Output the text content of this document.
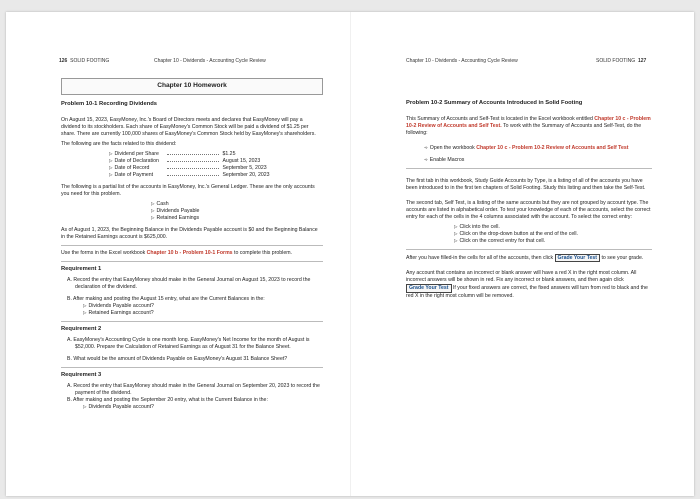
126 SOLID FOOTING	Chapter 10 - Dividends - Accounting Cycle Review
Chapter 10 Homework
Problem 10-1 Recording Dividends

On August 15, 2023, EasyMoney, Inc.'s Board of Directors meets and declares that EasyMoney will pay a dividend to its stockholders. Each share of EasyMoney's Common Stock will be paid a dividend of $1.25 per share. There are currently 100,000 shares of EasyMoney's Common Stock held by EasyMoney's shareholders.

The following are the facts related to this dividend:

▷ Dividend per Share	$1.25
▷ Date of Declaration	August 15, 2023
▷ Date of Record	September 5, 2023
▷ Date of Payment	September 20, 2023

The following is a partial list of the accounts in EasyMoney, Inc.'s General Ledger. These are the only accounts you need for this problem.

▷ Cash
▷ Dividends Payable
▷ Retained Earnings

As of August 1, 2023, the Beginning Balance in the Dividends Payable account is $0 and the Beginning Balance in the Retained Earnings account is $625,000.

Use the forms in the Excel workbook Chapter 10 b - Problem 10-1 Forms to complete this problem.

Requirement 1
A. Record the entry that EasyMoney should make in the General Journal on August 15, 2023 to record the declaration of the dividend.
B. After making and posting the August 15 entry, what are the Current Balances in the:
▷ Dividends Payable account?
▷ Retained Earnings account?
Requirement 2
A. EasyMoney's Accounting Cycle is one month long. EasyMoney's Net Income for the month of August is $52,000. Prepare the Calculation of Retained Earnings as of August 31 for the Balance Sheet.
B. What would be the amount of Dividends Payable on EasyMoney's August 31 Balance Sheet?
Requirement 3
A. Record the entry that EasyMoney should make in the General Journal on September 20, 2023 to record the payment of the dividend.
B. After making and posting the September 20 entry, what is the Current Balance in the:
▷ Dividends Payable account?
Chapter 10 - Dividends - Accounting Cycle Review	SOLID FOOTING 127
Problem 10-2 Summary of Accounts Introduced in Solid Footing

This Summary of Accounts and Self-Test is located in the Excel workbook entitled Chapter 10 c - Problem 10-2 Review of Accounts and Self Test. To work with the Summary of Accounts and Self-Test, do the following:

➾ Open the workbook Chapter 10 c - Problem 10-2 Review of Accounts and Self Test
➾ Enable Macros

The first tab in this workbook, Study Guide Accounts by Type, is a listing of all of the accounts you have been introduced to in the first ten chapters of Solid Footing. Study this listing and then take the Self-Test.

The second tab, Self Test, is a listing of the same accounts but they are not grouped by account type. The accounts are listed in alphabetical order. To test your knowledge of each of the accounts, select the correct entry for each of the cells in the 4 columns associated with the account. To select the correct entry:

▷ Click into the cell.
▷ Click on the drop-down button at the end of the cell.
▷ Click on the correct entry for that cell.

After you have filled-in the cells for all of the accounts, then click Grade Your Test to see your grade.

Any account that contains an incorrect or blank answer will have a red X in the right most column. All incorrect answers will be shown in red. Fix any incorrect or blank answers, and then again click Grade Your Test If your fixed answers are correct, the fixed answers will turn from red to black and the red X in the right most column will be removed.
